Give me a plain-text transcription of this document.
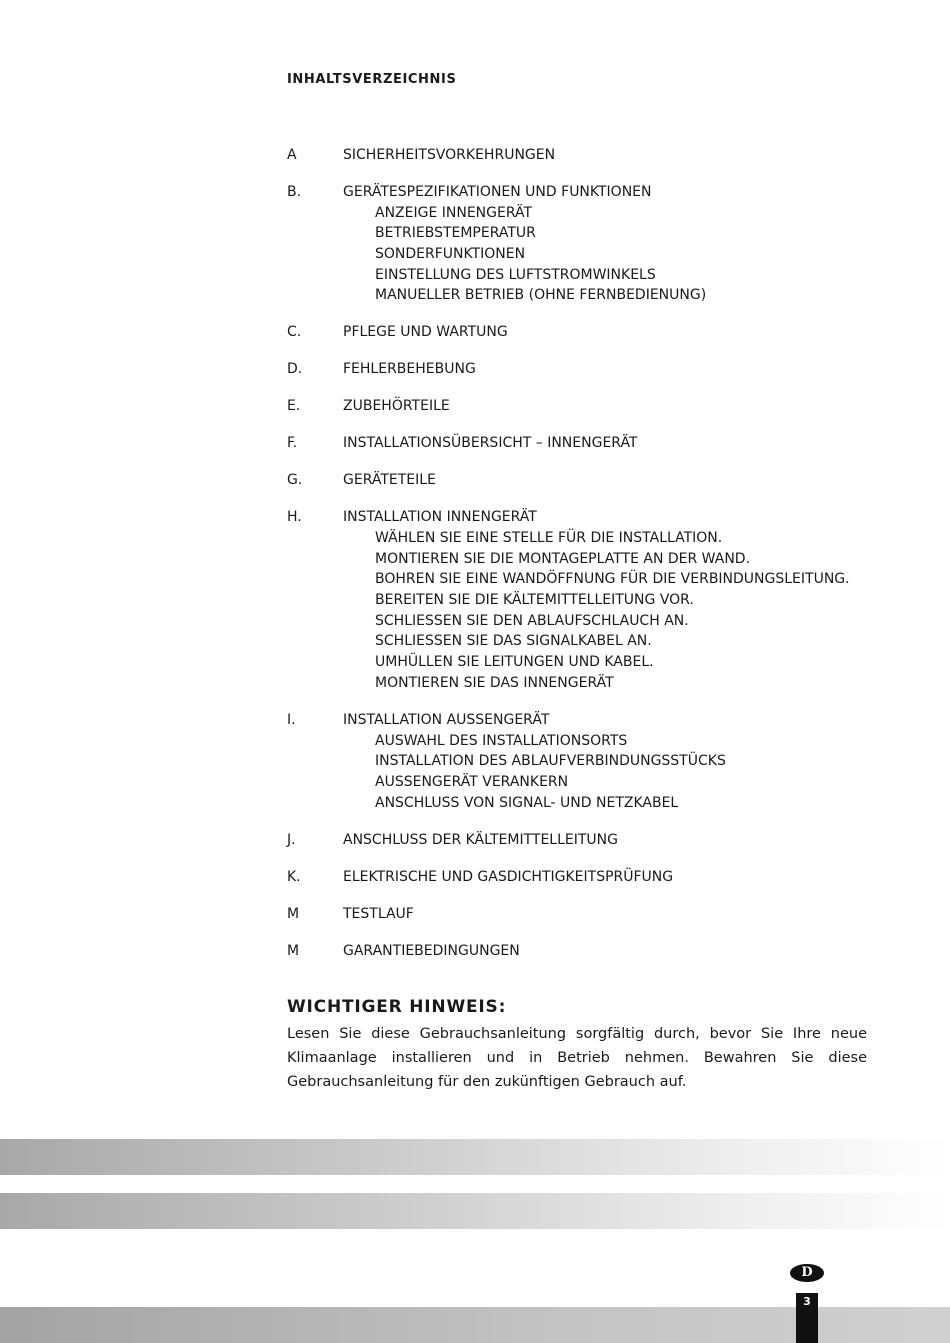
INHALTSVERZEICHNIS
A	SICHERHEITSVORKEHRUNGEN
B.	GERÄTESPEZIFIKATIONEN UND FUNKTIONEN
ANZEIGE INNENGERÄT
BETRIEBSTEMPERATUR
SONDERFUNKTIONEN
EINSTELLUNG DES LUFTSTROMWINKELS
MANUELLER BETRIEB (OHNE FERNBEDIENUNG)
C.	PFLEGE UND WARTUNG
D.	FEHLERBEHEBUNG
E.	ZUBEHÖRTEILE
F.	INSTALLATIONSÜBERSICHT – INNENGERÄT
G.	GERÄTETEILE
H.	INSTALLATION INNENGERÄT
WÄHLEN SIE EINE STELLE FÜR DIE INSTALLATION.
MONTIEREN SIE DIE MONTAGEPLATTE AN DER WAND.
BOHREN SIE EINE WANDÖFFNUNG FÜR DIE VERBINDUNGSLEITUNG.
BEREITEN SIE DIE KÄLTEMITTELLEITUNG VOR.
SCHLIESSEN SIE DEN ABLAUFSCHLAUCH AN.
SCHLIESSEN SIE DAS SIGNALKABEL AN.
UMHÜLLEN SIE LEITUNGEN UND KABEL.
MONTIEREN SIE DAS INNENGERÄT
I.	INSTALLATION AUSSENGERÄT
AUSWAHL DES INSTALLATIONSORTS
INSTALLATION DES ABLAUFVERBINDUNGSSTÜCKS
AUSSENGERÄT VERANKERN
ANSCHLUSS VON SIGNAL- UND NETZKABEL
J.	ANSCHLUSS DER KÄLTEMITTELLEITUNG
K.	ELEKTRISCHE UND GASDICHTIGKEITSPRÜFUNG
M	TESTLAUF
M	GARANTIEBEDINGUNGEN
WICHTIGER HINWEIS:

Lesen Sie diese Gebrauchsanleitung sorgfältig durch, bevor Sie Ihre neue Klimaanlage installieren und in Betrieb nehmen. Bewahren Sie diese Gebrauchsanleitung für den zukünftigen Gebrauch auf.

D
3
